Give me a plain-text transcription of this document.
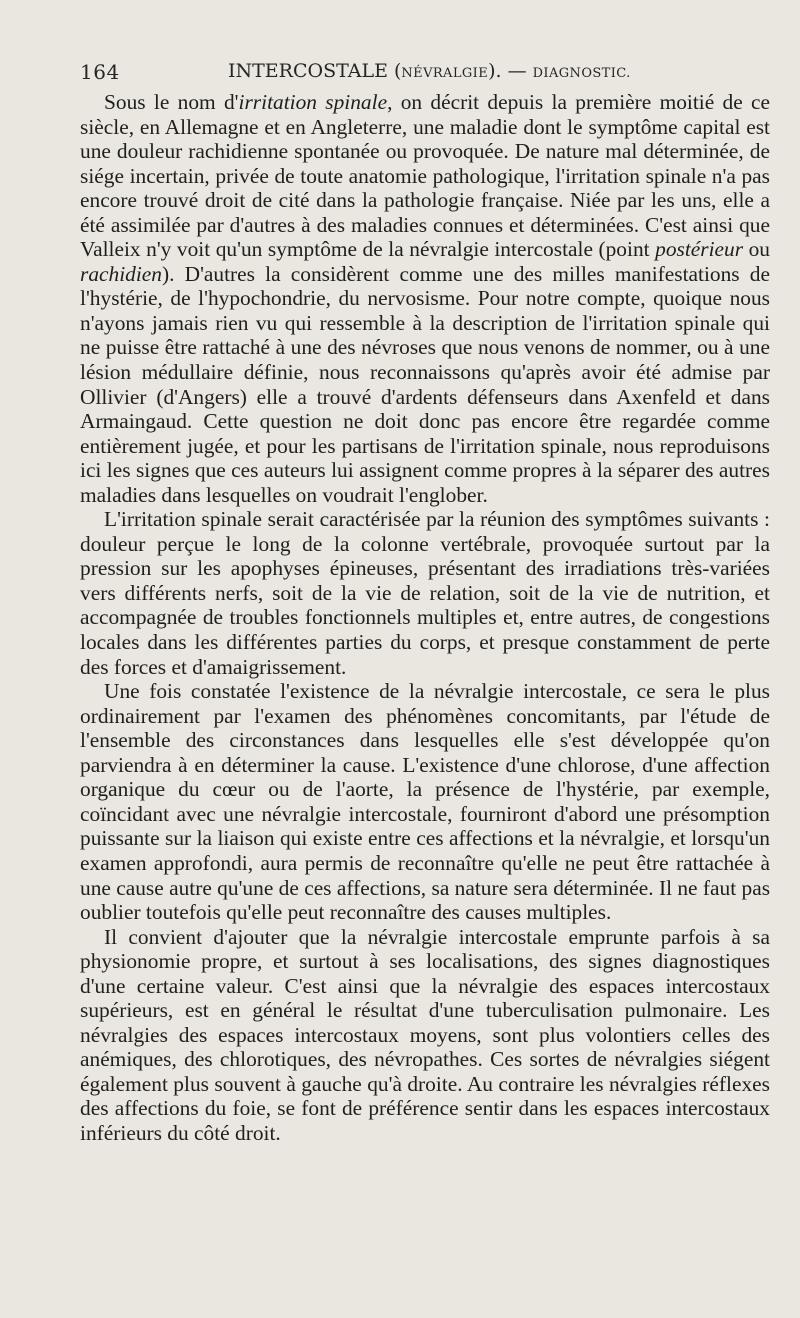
164	INTERCOSTALE (NÉVRALGIE). — DIAGNOSTIC.

Sous le nom d'irritation spinale, on décrit depuis la première moitié de ce siècle, en Allemagne et en Angleterre, une maladie dont le symptôme capital est une douleur rachidienne spontanée ou provoquée. De nature mal déterminée, de siége incertain, privée de toute anatomie pathologique, l'irritation spinale n'a pas encore trouvé droit de cité dans la pathologie française. Niée par les uns, elle a été assimilée par d'autres à des maladies connues et déterminées. C'est ainsi que Valleix n'y voit qu'un symptôme de la névralgie intercostale (point postérieur ou rachidien). D'autres la considèrent comme une des milles manifestations de l'hystérie, de l'hypochondrie, du nervosisme. Pour notre compte, quoique nous n'ayons jamais rien vu qui ressemble à la description de l'irritation spinale qui ne puisse être rattaché à une des névroses que nous venons de nommer, ou à une lésion médullaire définie, nous reconnaissons qu'après avoir été admise par Ollivier (d'Angers) elle a trouvé d'ardents défenseurs dans Axenfeld et dans Armaingaud. Cette question ne doit donc pas encore être regardée comme entièrement jugée, et pour les partisans de l'irritation spinale, nous reproduisons ici les signes que ces auteurs lui assignent comme propres à la séparer des autres maladies dans lesquelles on voudrait l'englober.

L'irritation spinale serait caractérisée par la réunion des symptômes suivants : douleur perçue le long de la colonne vertébrale, provoquée surtout par la pression sur les apophyses épineuses, présentant des irradiations très-variées vers différents nerfs, soit de la vie de relation, soit de la vie de nutrition, et accompagnée de troubles fonctionnels multiples et, entre autres, de congestions locales dans les différentes parties du corps, et presque constamment de perte des forces et d'amaigrissement.

Une fois constatée l'existence de la névralgie intercostale, ce sera le plus ordinairement par l'examen des phénomènes concomitants, par l'étude de l'ensemble des circonstances dans lesquelles elle s'est développée qu'on parviendra à en déterminer la cause. L'existence d'une chlorose, d'une affection organique du cœur ou de l'aorte, la présence de l'hystérie, par exemple, coïncidant avec une névralgie intercostale, fourniront d'abord une présomption puissante sur la liaison qui existe entre ces affections et la névralgie, et lorsqu'un examen approfondi, aura permis de reconnaître qu'elle ne peut être rattachée à une cause autre qu'une de ces affections, sa nature sera déterminée. Il ne faut pas oublier toutefois qu'elle peut reconnaître des causes multiples.

Il convient d'ajouter que la névralgie intercostale emprunte parfois à sa physionomie propre, et surtout à ses localisations, des signes diagnostiques d'une certaine valeur. C'est ainsi que la névralgie des espaces intercostaux supérieurs, est en général le résultat d'une tuberculisation pulmonaire. Les névralgies des espaces intercostaux moyens, sont plus volontiers celles des anémiques, des chlorotiques, des névropathes. Ces sortes de névralgies siégent également plus souvent à gauche qu'à droite. Au contraire les névralgies réflexes des affections du foie, se font de préférence sentir dans les espaces intercostaux inférieurs du côté droit.
